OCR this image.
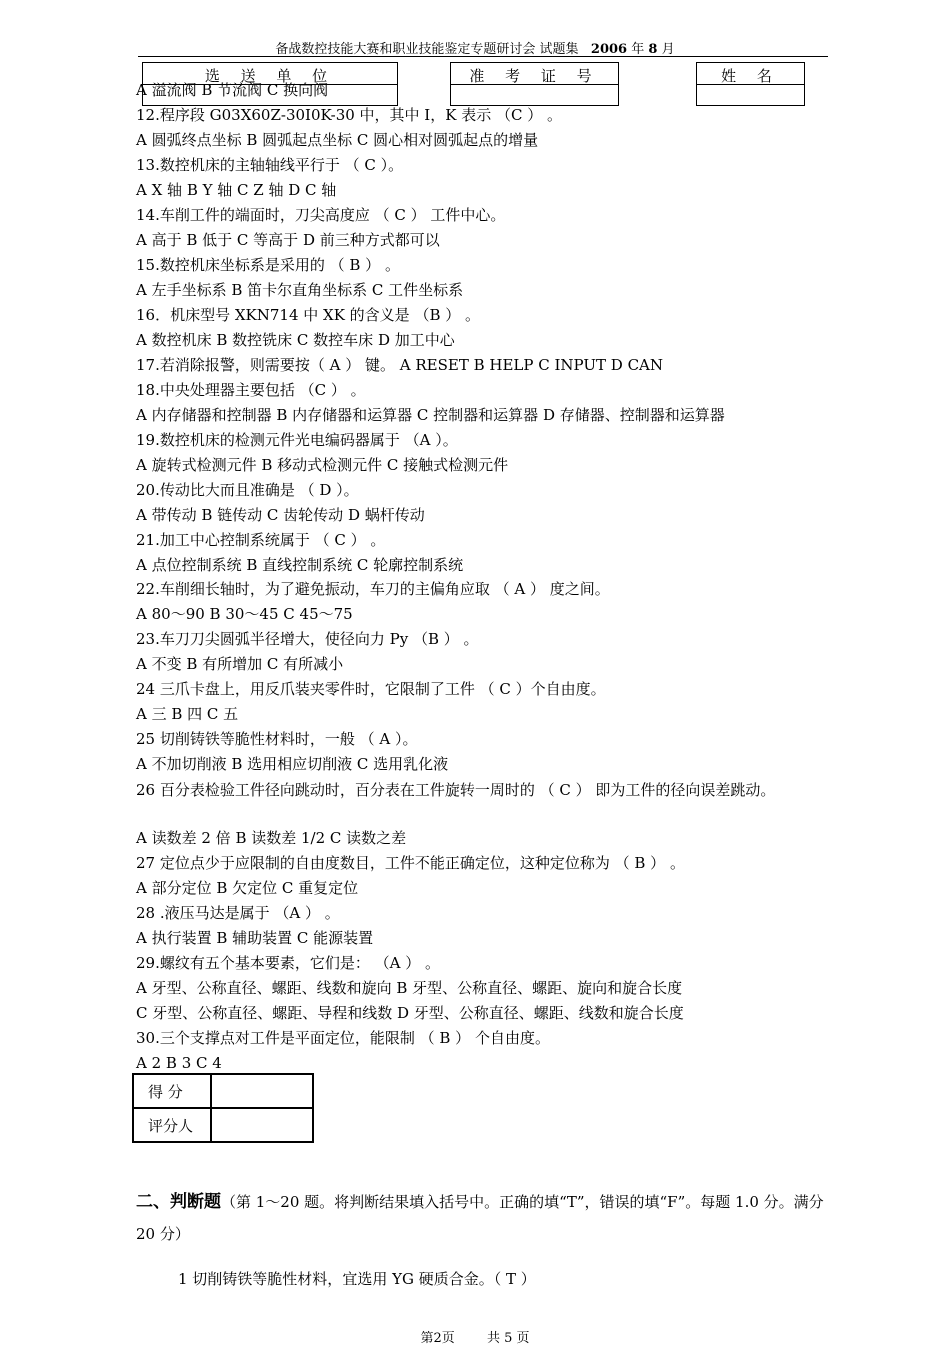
备战数控技能大赛和职业技能鉴定专题研讨会 试题集 2006 年 8 月
选 送 单 位	准 考 证 号	姓 名
A 溢流阀 B 节流阀 C 换向阀
12.程序段 G03X60Z-30I0K-30 中，其中 I，K 表示 （C ） 。
A 圆弧终点坐标 B 圆弧起点坐标 C 圆心相对圆弧起点的增量
13.数控机床的主轴轴线平行于 （ C ）。
A X 轴 B Y 轴 C Z 轴 D C 轴
14.车削工件的端面时，刀尖高度应 （ C ） 工件中心。
A 高于 B 低于 C 等高于 D 前三种方式都可以
15.数控机床坐标系是采用的 （ B ） 。
A 左手坐标系 B 笛卡尔直角坐标系 C 工件坐标系
16．机床型号 XKN714 中 XK 的含义是 （B ） 。
A 数控机床 B 数控铣床 C 数控车床 D 加工中心
17.若消除报警，则需要按（ A ） 键。 A RESET B HELP C INPUT D CAN
18.中央处理器主要包括 （C ） 。
A 内存储器和控制器 B 内存储器和运算器 C 控制器和运算器 D 存储器、控制器和运算器
19.数控机床的检测元件光电编码器属于 （A ）。
A 旋转式检测元件 B 移动式检测元件 C 接触式检测元件
20.传动比大而且准确是 （ D ）。
A 带传动 B 链传动 C 齿轮传动 D 蜗杆传动
21.加工中心控制系统属于 （ C ） 。
A 点位控制系统 B 直线控制系统 C 轮廓控制系统
22.车削细长轴时，为了避免振动，车刀的主偏角应取 （ A ） 度之间。
A 80～90 B 30～45 C 45～75
23.车刀刀尖圆弧半径增大，使径向力 Py （B ） 。
A 不变 B 有所增加 C 有所减小
24 三爪卡盘上，用反爪装夹零件时，它限制了工件 （ C ）个自由度。
A 三 B 四 C 五
25 切削铸铁等脆性材料时，一般 （ A ）。
A 不加切削液 B 选用相应切削液 C 选用乳化液
26 百分表检验工件径向跳动时，百分表在工件旋转一周时的 （ C ） 即为工件的径向误差跳动。
A 读数差 2 倍 B 读数差 1/2 C 读数之差
27 定位点少于应限制的自由度数目，工件不能正确定位，这种定位称为 （ B ） 。
A 部分定位 B 欠定位 C 重复定位
28 .液压马达是属于 （A ） 。
A 执行装置 B 辅助装置 C 能源装置
29.螺纹有五个基本要素，它们是： （A ） 。
A 牙型、公称直径、螺距、线数和旋向 B 牙型、公称直径、螺距、旋向和旋合长度
C 牙型、公称直径、螺距、导程和线数 D 牙型、公称直径、螺距、线数和旋合长度
30.三个支撑点对工件是平面定位，能限制 （ B ） 个自由度。
A 2 B 3 C 4
得 分	
评分人	
二、判断题（第 1～20 题。将判断结果填入括号中。正确的填“T”，错误的填“F”。每题 1.0 分。满分 20 分）
1 切削铸铁等脆性材料，宜选用 YG 硬质合金。（ T ）
第2页 共 5 页
